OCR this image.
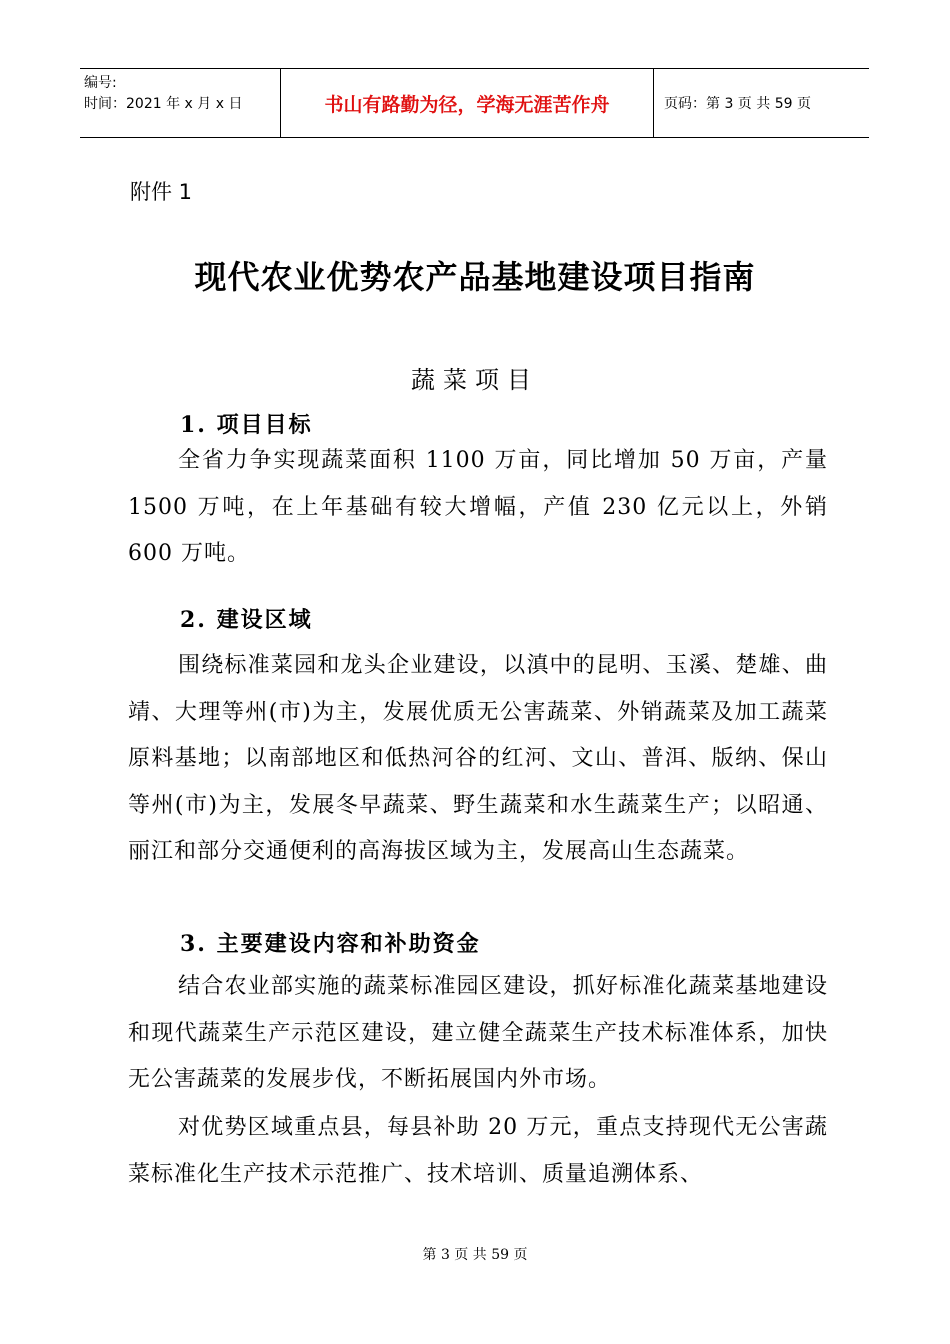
编号:
时间：2021 年 x 月 x 日	书山有路勤为径，学海无涯苦作舟	页码：第 3 页 共 59 页
附件 1
现代农业优势农产品基地建设项目指南
蔬菜项目
1. 项目目标

全省力争实现蔬菜面积 1100 万亩，同比增加 50 万亩，产量 1500 万吨，在上年基础有较大增幅，产值 230 亿元以上，外销 600 万吨。

2. 建设区域

围绕标准菜园和龙头企业建设，以滇中的昆明、玉溪、楚雄、曲靖、大理等州(市)为主，发展优质无公害蔬菜、外销蔬菜及加工蔬菜原料基地；以南部地区和低热河谷的红河、文山、普洱、版纳、保山等州(市)为主，发展冬早蔬菜、野生蔬菜和水生蔬菜生产；以昭通、丽江和部分交通便利的高海拔区域为主，发展高山生态蔬菜。

3. 主要建设内容和补助资金

结合农业部实施的蔬菜标准园区建设，抓好标准化蔬菜基地建设和现代蔬菜生产示范区建设，建立健全蔬菜生产技术标准体系，加快无公害蔬菜的发展步伐，不断拓展国内外市场。

对优势区域重点县，每县补助 20 万元，重点支持现代无公害蔬菜标准化生产技术示范推广、技术培训、质量追溯体系、

第 3 页 共 59 页
